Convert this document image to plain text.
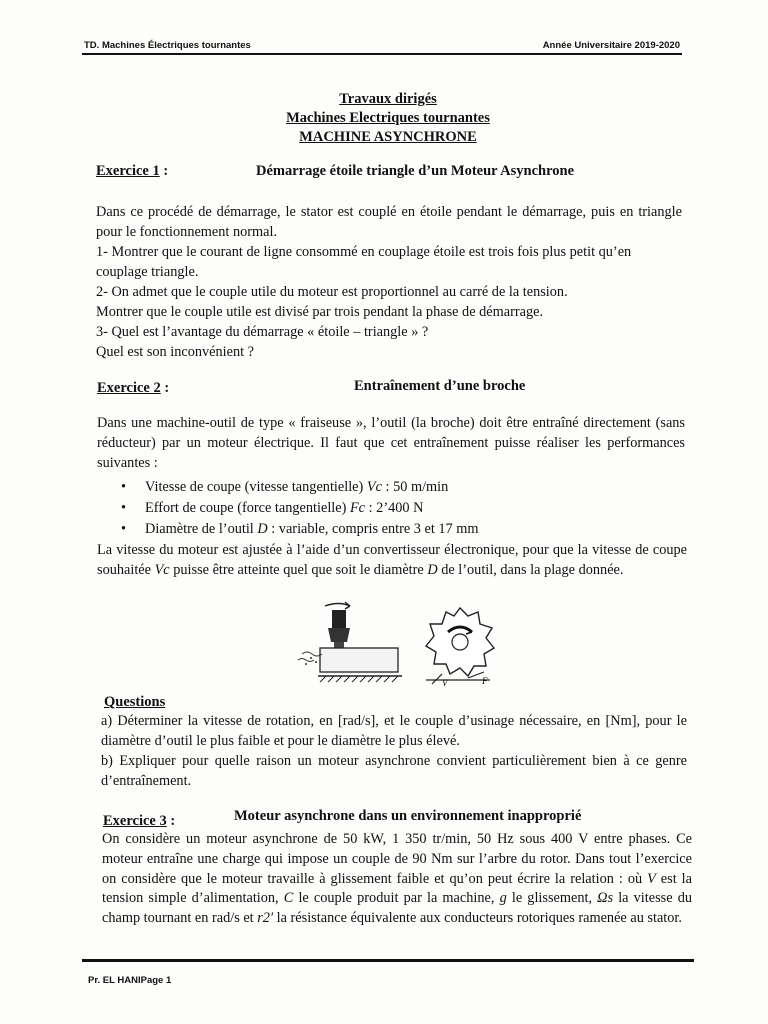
TD. Machines Électriques tournantes	Année Universitaire 2019-2020
Travaux dirigés
Machines Electriques tournantes
MACHINE ASYNCHRONE
Exercice 1 :	Démarrage étoile triangle d’un Moteur Asynchrone
Dans ce procédé de démarrage, le stator est couplé en étoile pendant le démarrage, puis en triangle pour le fonctionnement normal.
1- Montrer que le courant de ligne consommé en couplage étoile est trois fois plus petit qu’en couplage triangle.
2- On admet que le couple utile du moteur est proportionnel au carré de la tension.
Montrer que le couple utile est divisé par trois pendant la phase de démarrage.
3- Quel est l’avantage du démarrage « étoile – triangle » ?
Quel est son inconvénient ?
Exercice 2 :	Entraînement d’une broche
Dans une machine-outil de type « fraiseuse », l’outil (la broche) doit être entraîné directement (sans réducteur) par un moteur électrique. Il faut que cet entraînement puisse réaliser les performances suivantes :
• Vitesse de coupe (vitesse tangentielle) Vc : 50 m/min
• Effort de coupe (force tangentielle) Fc : 2’400 N
• Diamètre de l’outil D : variable, compris entre 3 et 17 mm
La vitesse du moteur est ajustée à l’aide d’un convertisseur électronique, pour que la vitesse de coupe souhaitée Vc puisse être atteinte quel que soit le diamètre D de l’outil, dans la plage donnée.
V	F
Questions
a) Déterminer la vitesse de rotation, en [rad/s], et le couple d’usinage nécessaire, en [Nm], pour le diamètre d’outil le plus faible et pour le diamètre le plus élevé.
b) Expliquer pour quelle raison un moteur asynchrone convient particulièrement bien à ce genre d’entraînement.
Exercice 3 :	Moteur asynchrone dans un environnement inapproprié
On considère un moteur asynchrone de 50 kW, 1 350 tr/min, 50 Hz sous 400 V entre phases. Ce moteur entraîne une charge qui impose un couple de 90 Nm sur l’arbre du rotor. Dans tout l’exercice on considère que le moteur travaille à glissement faible et qu’on peut écrire la relation : où V est la tension simple d’alimentation, C le couple produit par la machine, g le glissement, Ωs la vitesse du champ tournant en rad/s et r2′ la résistance équivalente aux conducteurs rotoriques ramenée au stator.
Pr. EL HANIPage 1
